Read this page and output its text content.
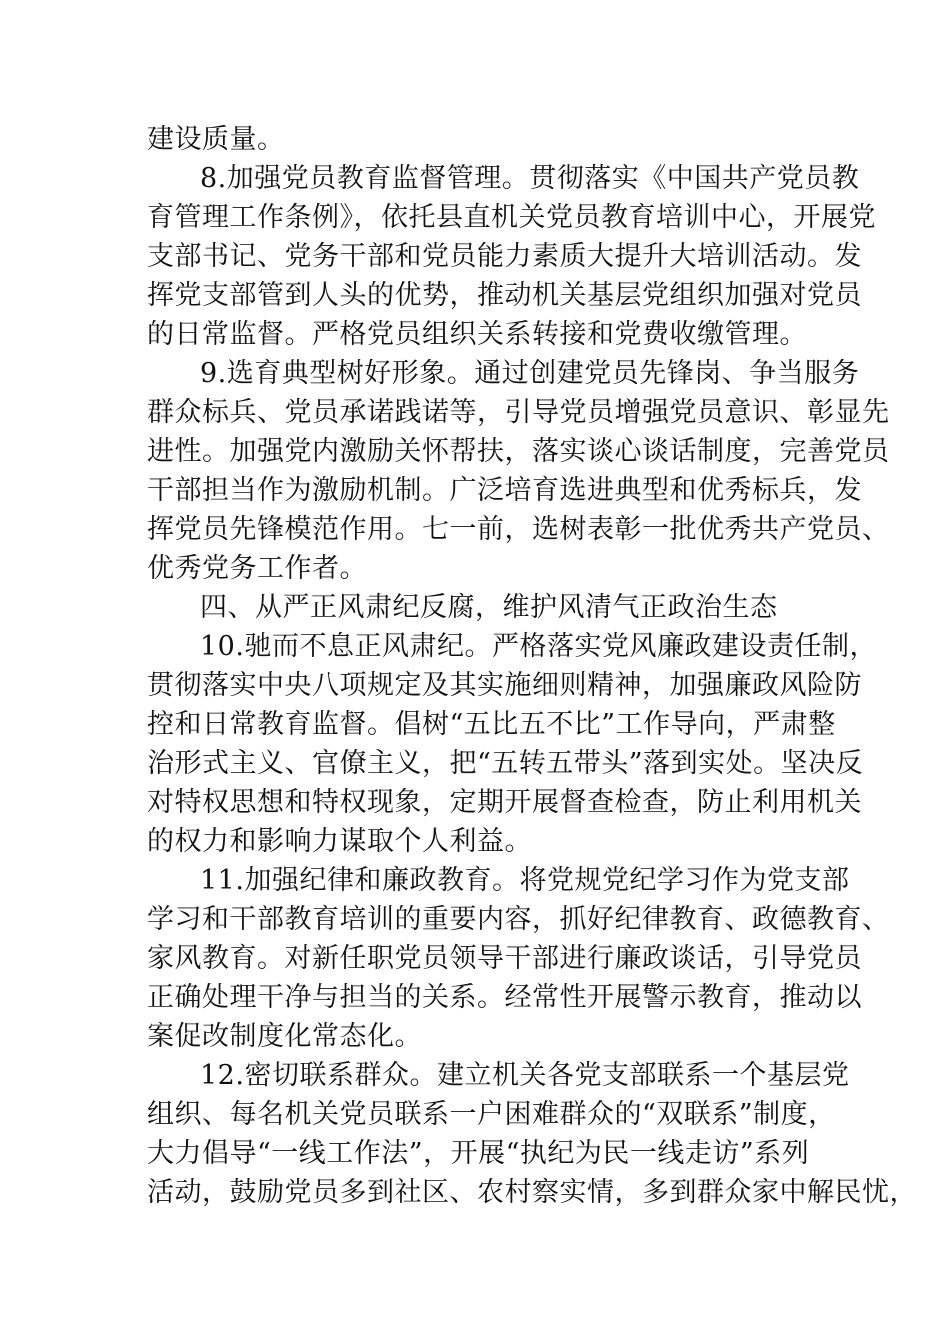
建设质量。
8.加强党员教育监督管理。贯彻落实《中国共产党员教
育管理工作条例》，依托县直机关党员教育培训中心，开展党
支部书记、党务干部和党员能力素质大提升大培训活动。发
挥党支部管到人头的优势，推动机关基层党组织加强对党员
的日常监督。严格党员组织关系转接和党费收缴管理。
9.选育典型树好形象。通过创建党员先锋岗、争当服务
群众标兵、党员承诺践诺等，引导党员增强党员意识、彰显先
进性。加强党内激励关怀帮扶，落实谈心谈话制度，完善党员
干部担当作为激励机制。广泛培育选进典型和优秀标兵，发
挥党员先锋模范作用。七一前，选树表彰一批优秀共产党员、
优秀党务工作者。
四、从严正风肃纪反腐，维护风清气正政治生态
10.驰而不息正风肃纪。严格落实党风廉政建设责任制，
贯彻落实中央八项规定及其实施细则精神，加强廉政风险防
控和日常教育监督。倡树“五比五不比”工作导向，严肃整
治形式主义、官僚主义，把“五转五带头”落到实处。坚决反
对特权思想和特权现象，定期开展督查检查，防止利用机关
的权力和影响力谋取个人利益。
11.加强纪律和廉政教育。将党规党纪学习作为党支部
学习和干部教育培训的重要内容，抓好纪律教育、政德教育、
家风教育。对新任职党员领导干部进行廉政谈话，引导党员
正确处理干净与担当的关系。经常性开展警示教育，推动以
案促改制度化常态化。
12.密切联系群众。建立机关各党支部联系一个基层党
组织、每名机关党员联系一户困难群众的“双联系”制度，
大力倡导“一线工作法”，开展“执纪为民一线走访”系列
活动，鼓励党员多到社区、农村察实情，多到群众家中解民忧，
